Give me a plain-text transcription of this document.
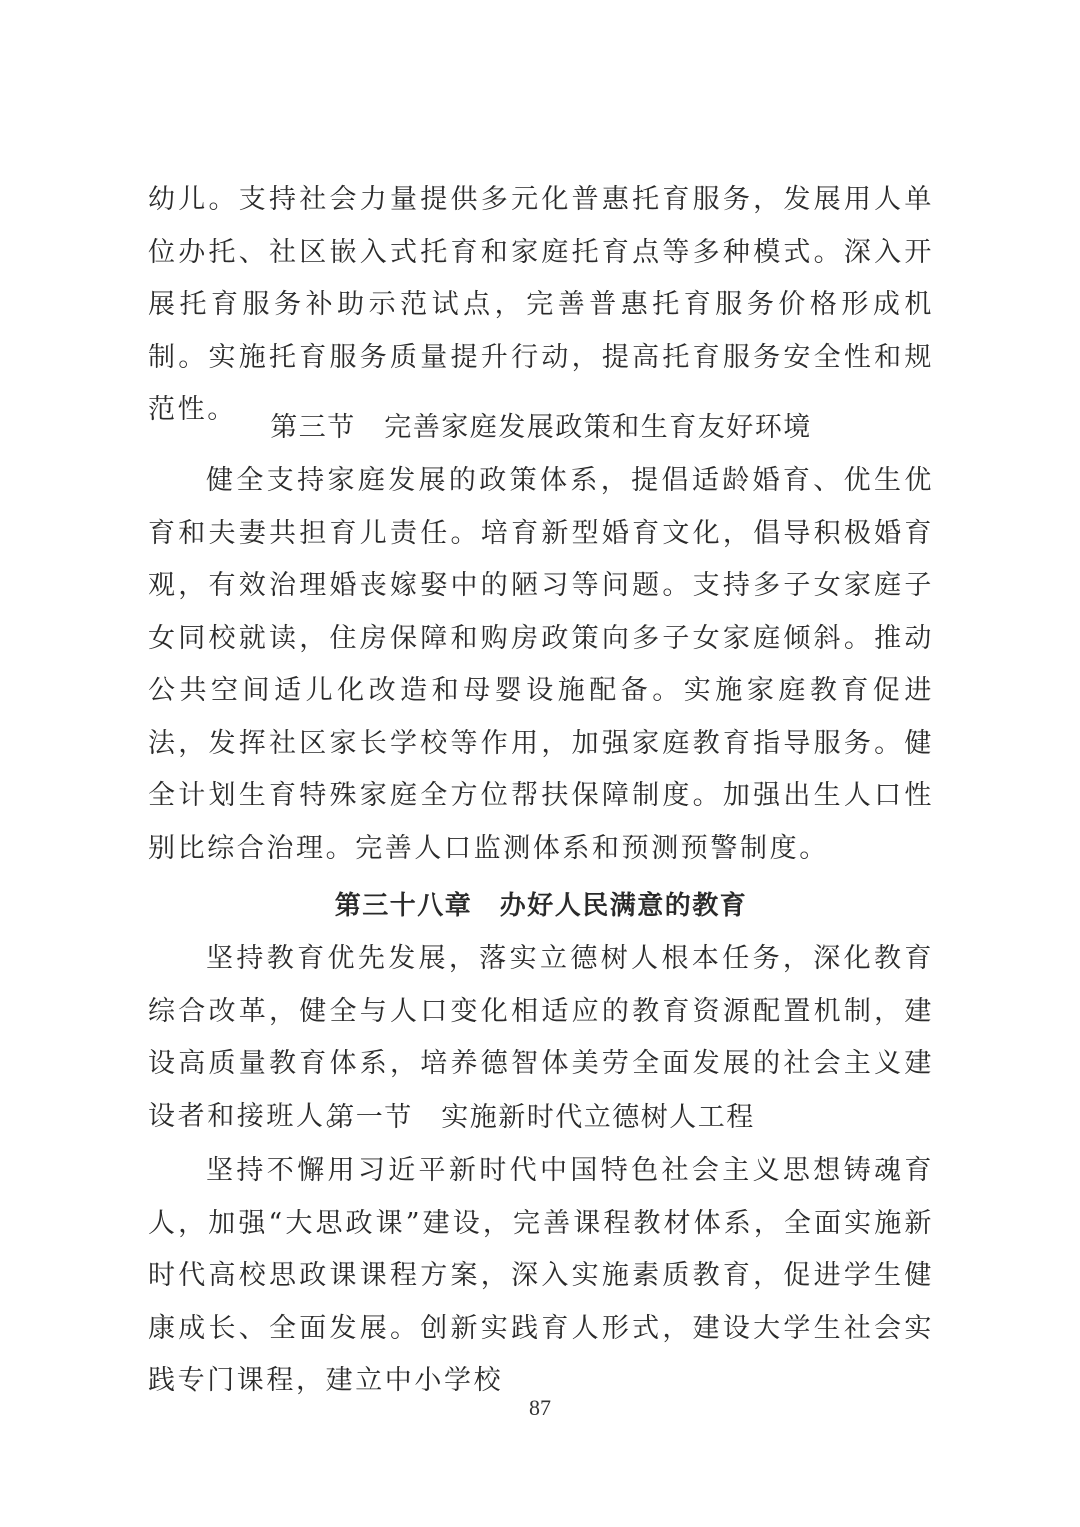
幼儿。支持社会力量提供多元化普惠托育服务，发展用人单位办托、社区嵌入式托育和家庭托育点等多种模式。深入开展托育服务补助示范试点，完善普惠托育服务价格形成机制。实施托育服务质量提升行动，提高托育服务安全性和规范性。

第三节　完善家庭发展政策和生育友好环境

健全支持家庭发展的政策体系，提倡适龄婚育、优生优育和夫妻共担育儿责任。培育新型婚育文化，倡导积极婚育观，有效治理婚丧嫁娶中的陋习等问题。支持多子女家庭子女同校就读，住房保障和购房政策向多子女家庭倾斜。推动公共空间适儿化改造和母婴设施配备。实施家庭教育促进法，发挥社区家长学校等作用，加强家庭教育指导服务。健全计划生育特殊家庭全方位帮扶保障制度。加强出生人口性别比综合治理。完善人口监测体系和预测预警制度。

第三十八章　办好人民满意的教育

坚持教育优先发展，落实立德树人根本任务，深化教育综合改革，健全与人口变化相适应的教育资源配置机制，建设高质量教育体系，培养德智体美劳全面发展的社会主义建设者和接班人。

第一节　实施新时代立德树人工程

坚持不懈用习近平新时代中国特色社会主义思想铸魂育人，加强“大思政课”建设，完善课程教材体系，全面实施新时代高校思政课课程方案，深入实施素质教育，促进学生健康成长、全面发展。创新实践育人形式，建设大学生社会实践专门课程，建立中小学校

87
